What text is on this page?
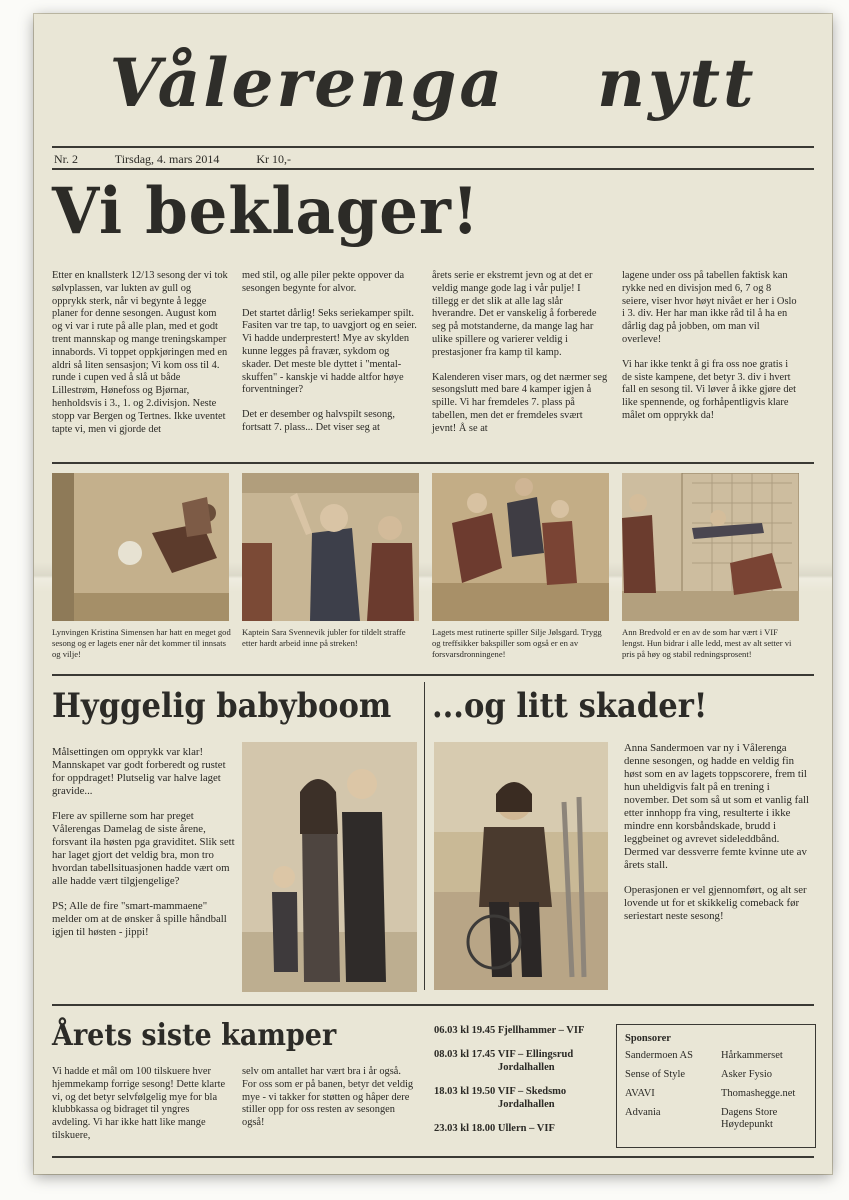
Vålerenga nytt
Nr. 2	Tirsdag, 4. mars 2014	Kr 10,-
Vi beklager!

Etter en knallsterk 12/13 sesong der vi tok sølvplassen, var lukten av gull og opprykk sterk, når vi begynte å legge planer for denne sesongen. August kom og vi var i rute på alle plan, med et godt trent mannskap og mange treningskamper innabords. Vi toppet oppkjøringen med en aldri så liten sensasjon; Vi kom oss til 4. runde i cupen ved å slå ut både Lillestrøm, Hønefoss og Bjørnar, henholdsvis i 3., 1. og 2.divisjon. Neste stopp var Bergen og Tertnes. Ikke uventet tapte vi, men vi gjorde det

med stil, og alle piler pekte oppover da sesongen begynte for alvor.

Det startet dårlig! Seks seriekamper spilt. Fasiten var tre tap, to uavgjort og en seier. Vi hadde underprestert! Mye av skylden kunne legges på fravær, sykdom og skader. Det meste ble dyttet i "mental-skuffen" - kanskje vi hadde altfor høye forventninger?

Det er desember og halvspilt sesong, fortsatt 7. plass... Det viser seg at

årets serie er ekstremt jevn og at det er veldig mange gode lag i vår pulje! I tillegg er det slik at alle lag slår hverandre. Det er vanskelig å forberede seg på motstanderne, da mange lag har ulike spillere og varierer veldig i prestasjoner fra kamp til kamp.

Kalenderen viser mars, og det nærmer seg sesongslutt med bare 4 kamper igjen å spille. Vi har fremdeles 7. plass på tabellen, men det er fremdeles svært jevnt! Å se at

lagene under oss på tabellen faktisk kan rykke ned en divisjon med 6, 7 og 8 seiere, viser hvor høyt nivået er her i Oslo i 3. div. Her har man ikke råd til å ha en dårlig dag på jobben, om man vil overleve!

Vi har ikke tenkt å gi fra oss noe gratis i de siste kampene, det betyr 3. div i hvert fall en sesong til. Vi løver å ikke gjøre det like spennende, og forhåpentligvis klare målet om opprykk da!

Lynvingen Kristina Simensen har hatt en meget god sesong og er lagets ener når det kommer til innsats og vilje!
Kaptein Sara Svennevik jubler for tildelt straffe etter hardt arbeid inne på streken!
Lagets mest rutinerte spiller Silje Jølsgard. Trygg og treffsikker bakspiller som også er en av forsvarsdronningene!
Ann Bredvold er en av de som har vært i VIF lengst. Hun bidrar i alle ledd, mest av alt setter vi pris på høy og stabil redningsprosent!
Hyggelig babyboom

Målsettingen om opprykk var klar! Mannskapet var godt forberedt og rustet for oppdraget! Plutselig var halve laget gravide...

Flere av spillerne som har preget Vålerengas Damelag de siste årene, forsvant ila høsten pga graviditet. Slik sett har laget gjort det veldig bra, mon tro hvordan tabellsituasjonen hadde vært om alle hadde vært tilgjengelige?

PS; Alle de fire "smart-mammaene" melder om at de ønsker å spille håndball igjen til høsten - jippi!

...og litt skader!

Anna Sandermoen var ny i Vålerenga denne sesongen, og hadde en veldig fin høst som en av lagets toppscorere, frem til hun uheldigvis falt på en trening i november. Det som så ut som et vanlig fall etter innhopp fra ving, resulterte i ikke mindre enn korsbåndskade, brudd i leggbeinet og avrevet sideleddbånd. Dermed var dessverre femte kvinne ute av årets stall.

Operasjonen er vel gjennomført, og alt ser lovende ut for et skikkelig comeback før seriestart neste sesong!

Årets siste kamper
Vi hadde et mål om 100 tilskuere hver hjemmekamp forrige sesong! Dette klarte vi, og det betyr selvfølgelig mye for bla klubbkassa og bidraget til yngres avdeling. Vi har ikke hatt like mange tilskuere,
selv om antallet har vært bra i år også. For oss som er på banen, betyr det veldig mye - vi takker for støtten og håper dere stiller opp for oss resten av sesongen også!
06.03 kl 19.45 Fjellhammer – VIF
08.03 kl 17.45 VIF – Ellingsrud
Jordalhallen
18.03 kl 19.50 VIF – Skedsmo
Jordalhallen
23.03 kl 18.00 Ullern – VIF
Sponsorer
Sandermoen AS	Hårkammerset
Sense of Style	Asker Fysio
AVAVI	Thomashegge.net
Advania	Dagens Store Høydepunkt
